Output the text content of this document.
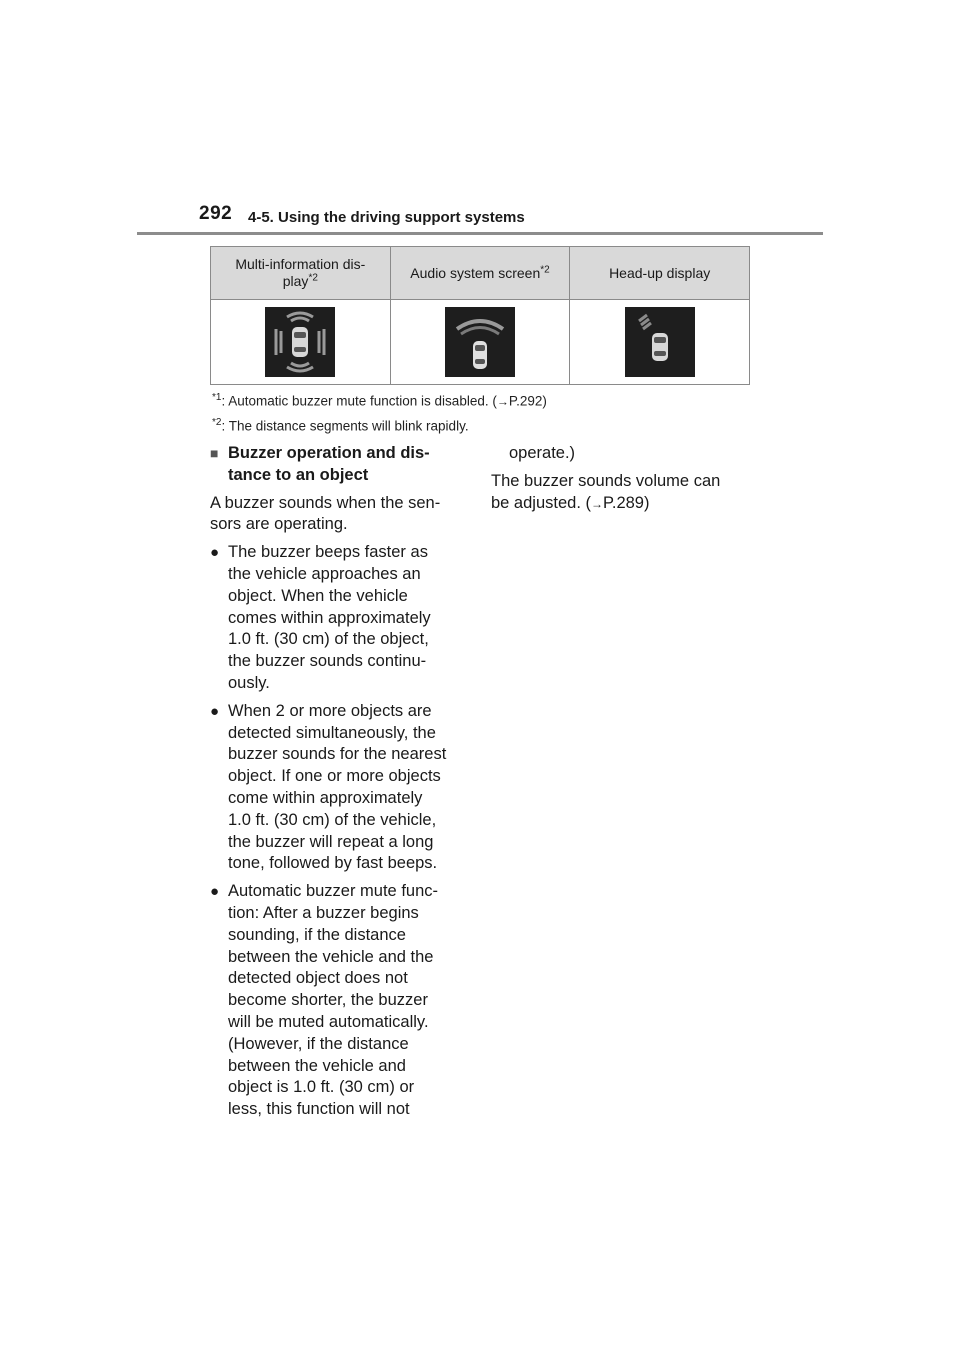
292 4-5. Using the driving support systems
Multi-information dis-
play$^{*2}$	Audio system screen$^{*2}$	Head-up display

$^{*1}$: Automatic buzzer mute function is disabled. (→P.292)
$^{*2}$: The distance segments will blink rapidly.
■ Buzzer operation and dis-
tance to an object

A buzzer sounds when the sen-
sors are operating.

● The buzzer beeps faster as
the vehicle approaches an
object. When the vehicle
comes within approximately
1.0 ft. (30 cm) of the object,
the buzzer sounds continu-
ously.
● When 2 or more objects are
detected simultaneously, the
buzzer sounds for the nearest
object. If one or more objects
come within approximately
1.0 ft. (30 cm) of the vehicle,
the buzzer will repeat a long
tone, followed by fast beeps.
● Automatic buzzer mute func-
tion: After a buzzer begins
sounding, if the distance
between the vehicle and the
detected object does not
become shorter, the buzzer
will be muted automatically.
(However, if the distance
between the vehicle and
object is 1.0 ft. (30 cm) or
less, this function will not

operate.)

The buzzer sounds volume can
be adjusted. (→P.289)
